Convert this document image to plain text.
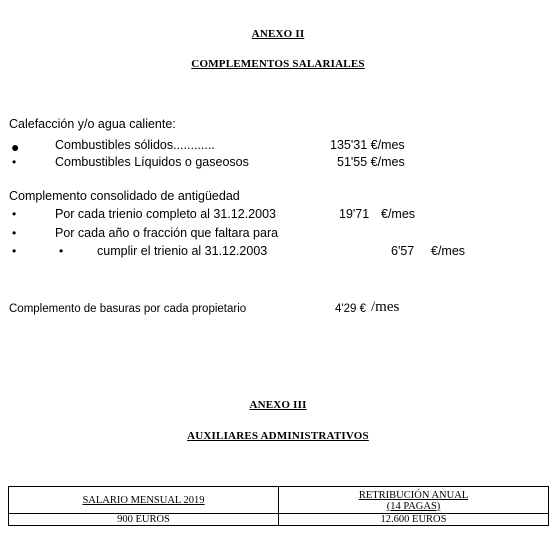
ANEXO II
COMPLEMENTOS SALARIALES
Calefacción y/o agua caliente:
●	Combustibles sólidos............	135'31 €/mes
•	Combustibles Líquidos o gaseosos	51'55 €/mes
Complemento consolidado de antigüedad
•	Por cada trienio completo al 31.12.2003	19'71 €/mes
•	Por cada año o fracción que faltara para
•	•	cumplir el trienio al 31.12.2003	6'57 €/mes
Complemento de basuras por cada propietario	4'29 € /mes
ANEXO III
AUXILIARES ADMINISTRATIVOS
SALARIO MENSUAL 2019	RETRIBUCIÓN ANUAL
(14 PAGAS)

900 EUROS	12.600 EUROS
